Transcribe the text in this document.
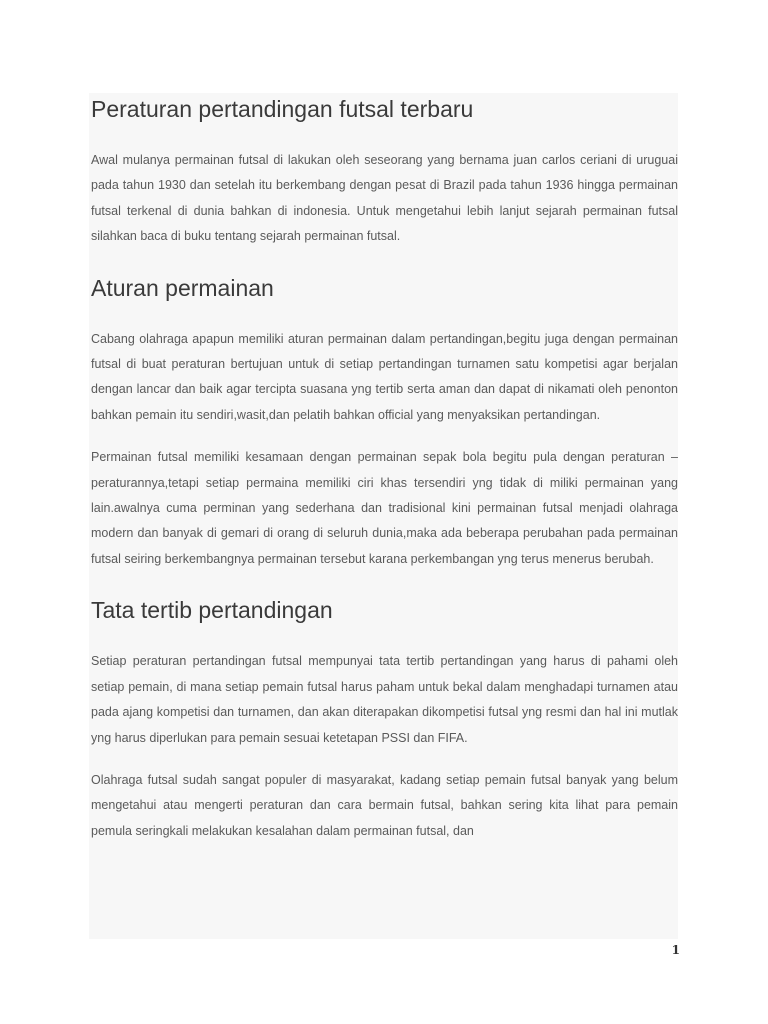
Peraturan pertandingan futsal terbaru

Awal mulanya permainan futsal di lakukan oleh seseorang yang bernama juan carlos ceriani di uruguai pada tahun 1930 dan setelah itu berkembang dengan pesat di Brazil pada tahun 1936 hingga permainan futsal terkenal di dunia bahkan di indonesia. Untuk mengetahui lebih lanjut sejarah permainan futsal silahkan baca di buku tentang sejarah permainan futsal.

Aturan permainan

Cabang olahraga apapun memiliki aturan permainan dalam pertandingan,begitu juga dengan permainan futsal di buat peraturan bertujuan untuk di setiap pertandingan turnamen satu kompetisi agar berjalan dengan lancar dan baik agar tercipta suasana yng tertib serta aman dan dapat di nikamati oleh penonton bahkan pemain itu sendiri,wasit,dan pelatih bahkan official yang menyaksikan pertandingan.

Permainan futsal memiliki kesamaan dengan permainan sepak bola begitu pula dengan peraturan – peraturannya,tetapi setiap permaina memiliki ciri khas tersendiri yng tidak di miliki permainan yang lain.awalnya cuma perminan yang sederhana dan tradisional kini permainan futsal menjadi olahraga modern dan banyak di gemari di orang di seluruh dunia,maka ada beberapa perubahan pada permainan futsal seiring berkembangnya permainan tersebut karana perkembangan yng terus menerus berubah.

Tata tertib pertandingan

Setiap peraturan pertandingan futsal mempunyai tata tertib pertandingan yang harus di pahami oleh setiap pemain, di mana setiap pemain futsal harus paham untuk bekal dalam menghadapi turnamen atau pada ajang kompetisi dan turnamen, dan akan diterapakan dikompetisi futsal yng resmi dan hal ini mutlak yng harus diperlukan para pemain sesuai ketetapan PSSI dan FIFA.

Olahraga futsal sudah sangat populer di masyarakat, kadang setiap pemain futsal banyak yang belum mengetahui atau mengerti peraturan dan cara bermain futsal, bahkan sering kita lihat para pemain pemula seringkali melakukan kesalahan dalam permainan futsal, dan

1
